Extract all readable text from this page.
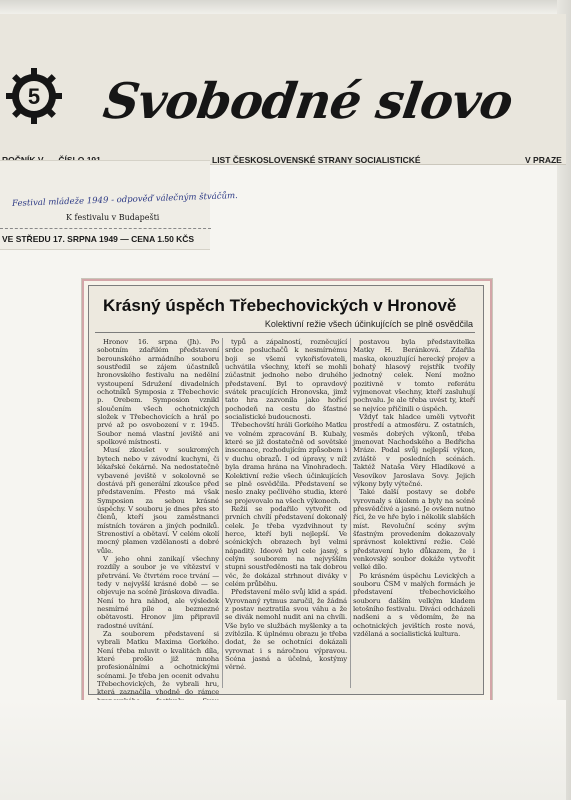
5 Svobodné slovo
LIST ČESKOSLOVENSKÉ STRANY SOCIALISTICKÉ	V PRAZE
Festival mládeže 1949 - odpověď válečným štváčům.
K festivalu v Budapešti
VE STŘEDU 17. SRPNA 1949 — CENA 1.50 KČS
Krásný úspěch Třebechovických v Hronově
Kolektivní režie všech účinkujících se plně osvědčila

Hronov 16. srpna (Jh). Po sobotním zdařilém představení berounského armádního souboru soustředil se zájem účastníků hronovského festivalu na nedělní vystoupení Sdružení divadelních ochotníků Symposia z Třebechovic p. Orebem. Symposion vznikl sloučením všech ochotnických složek v Třebechovicích a hrál po prvé až po osvobození v r. 1945. Soubor nemá vlastní jeviště ani spolkové místnosti.

Musí zkoušet v soukromých bytech nebo v závodní kuchyni, či lékařské čekárně. Na nedostatečně vybavené jeviště v sokolovně se dostává při generální zkoušce před představením. Přesto má však Symposion za sebou krásné úspěchy. V souboru je dnes přes sto členů, kteří jsou zaměstnanci místních továren a jiných podniků. Strenostiví a obětaví. V celém okolí mocný plamen vzdělanosti a dobré vůle.

V jeho ohni zanikají všechny rozdíly a soubor je ve vítězství v přetrvání. Ve čtvrtém roce trvání — tedy v nejvyšší krásné době — se objevuje na scéně Jiráskova divadla. Není to hra náhod, ale výsledek nesmírné píle a bezmezné obětavosti. Hronov jim připravil radostné uvítání.

Za souborem představení si vybrali Matku Maxima Gorkého. Není třeba mluvit o kvalitách díla, které prošlo již mnoha profesionálními a ochotnickými scénami. Je třeba jen ocenit odvahu Třebechovických, že vybrali hru, která zaznačila vhodně do rámce

typů a zápalností, rozněcující srdce posluchačů k nesmírnému boji se všemi vykořisťovateli, uchvátila všechny, kteří se mohli zúčastnit jednoho nebo druhého představení. Byl to opravdový svátek pracujících Hronovska, jimž tato hra zazvonila jako hořící pochodeň na cestu do šťastné socialistické budoucnosti.

Třebechovští hráli Gorkého Matku ve volném zpracování B. Kubaly, které se již dostatečně od sovětské inscenace, rozhodujícím způsobem i v duchu obrazů. I od úpravy, v níž byla drama hrána na Vinohradech. Kolektivní režie všech účinkujících se plně osvědčila. Představení se neslo znaky pečlivého studia, které se projevovalo na všech výkonech.

Režii se podařilo vytvořit od prvních chvílí představení dokonalý celek. Je třeba vyzdvihnout ty herce, kteří byli nejlepší. Ve scénických obrazech byl velmi nápaditý. Ideově byl cele jasný, s celým souborem na nejvyšším stupni soustředěnosti na tak dobrou věc, že dokázal strhnout diváky v celém průběhu.

Představení mělo svůj klid a spád. Vyrovnaný rytmus zaručil, že žádná z postav neztratila svou váhu a že se divák nemohl nudit ani na chvíli. Vše bylo ve službách myšlenky a ta zvítězila. K úplnému obrazu je třeba dodat, že se ochotníci dokázali vyrovnat i s náročnou výpravou. Scéna jasná a účelná, kostýmy věrné.

postavou byla představitelka Matky H. Beránková. Zdařila maska, okouzlující herecký projev a bohatý hlasový rejstřík tvořily jednotný celek. Není možno pozitivně v tomto referátu vyjmenovat všechny, kteří zasluhují pochvalu. Je ale třeba uvést ty, kteří se nejvíce přičinili o úspěch.

Vždyť tak hladce uměli vytvořit prostředí a atmosféru. Z ostatních, vesměs dobrých výkonů, třeba jmenovat Nachodského a Bedřicha Mráze. Podal svůj nejlepší výkon, zvláště v posledních scénách. Taktéž Nataša Věry Hladíkové a Vesovíkov Jaroslava Sovy. Jejich výkony byly výtečné.

Také další postavy se dobře vyrovnaly s úkolem a byly na scéně přesvědčivé a jasné. Je ovšem nutno říci, že ve hře bylo i několik slabších míst. Revoluční scény svým šťastným provedením dokazovaly správnost kolektivní režie. Celé představení bylo důkazem, že i venkovský soubor dokáže vytvořit velké dílo.

Po krásném úspěchu Levických a souboru ČSM v malých formách je představení třebechovického souboru dalším velkým kladem letošního festivalu. Diváci odcházeli nadšeni a s vědomím, že na ochotnických jevištích roste nová, vzdělaná a socialistická kultura.
